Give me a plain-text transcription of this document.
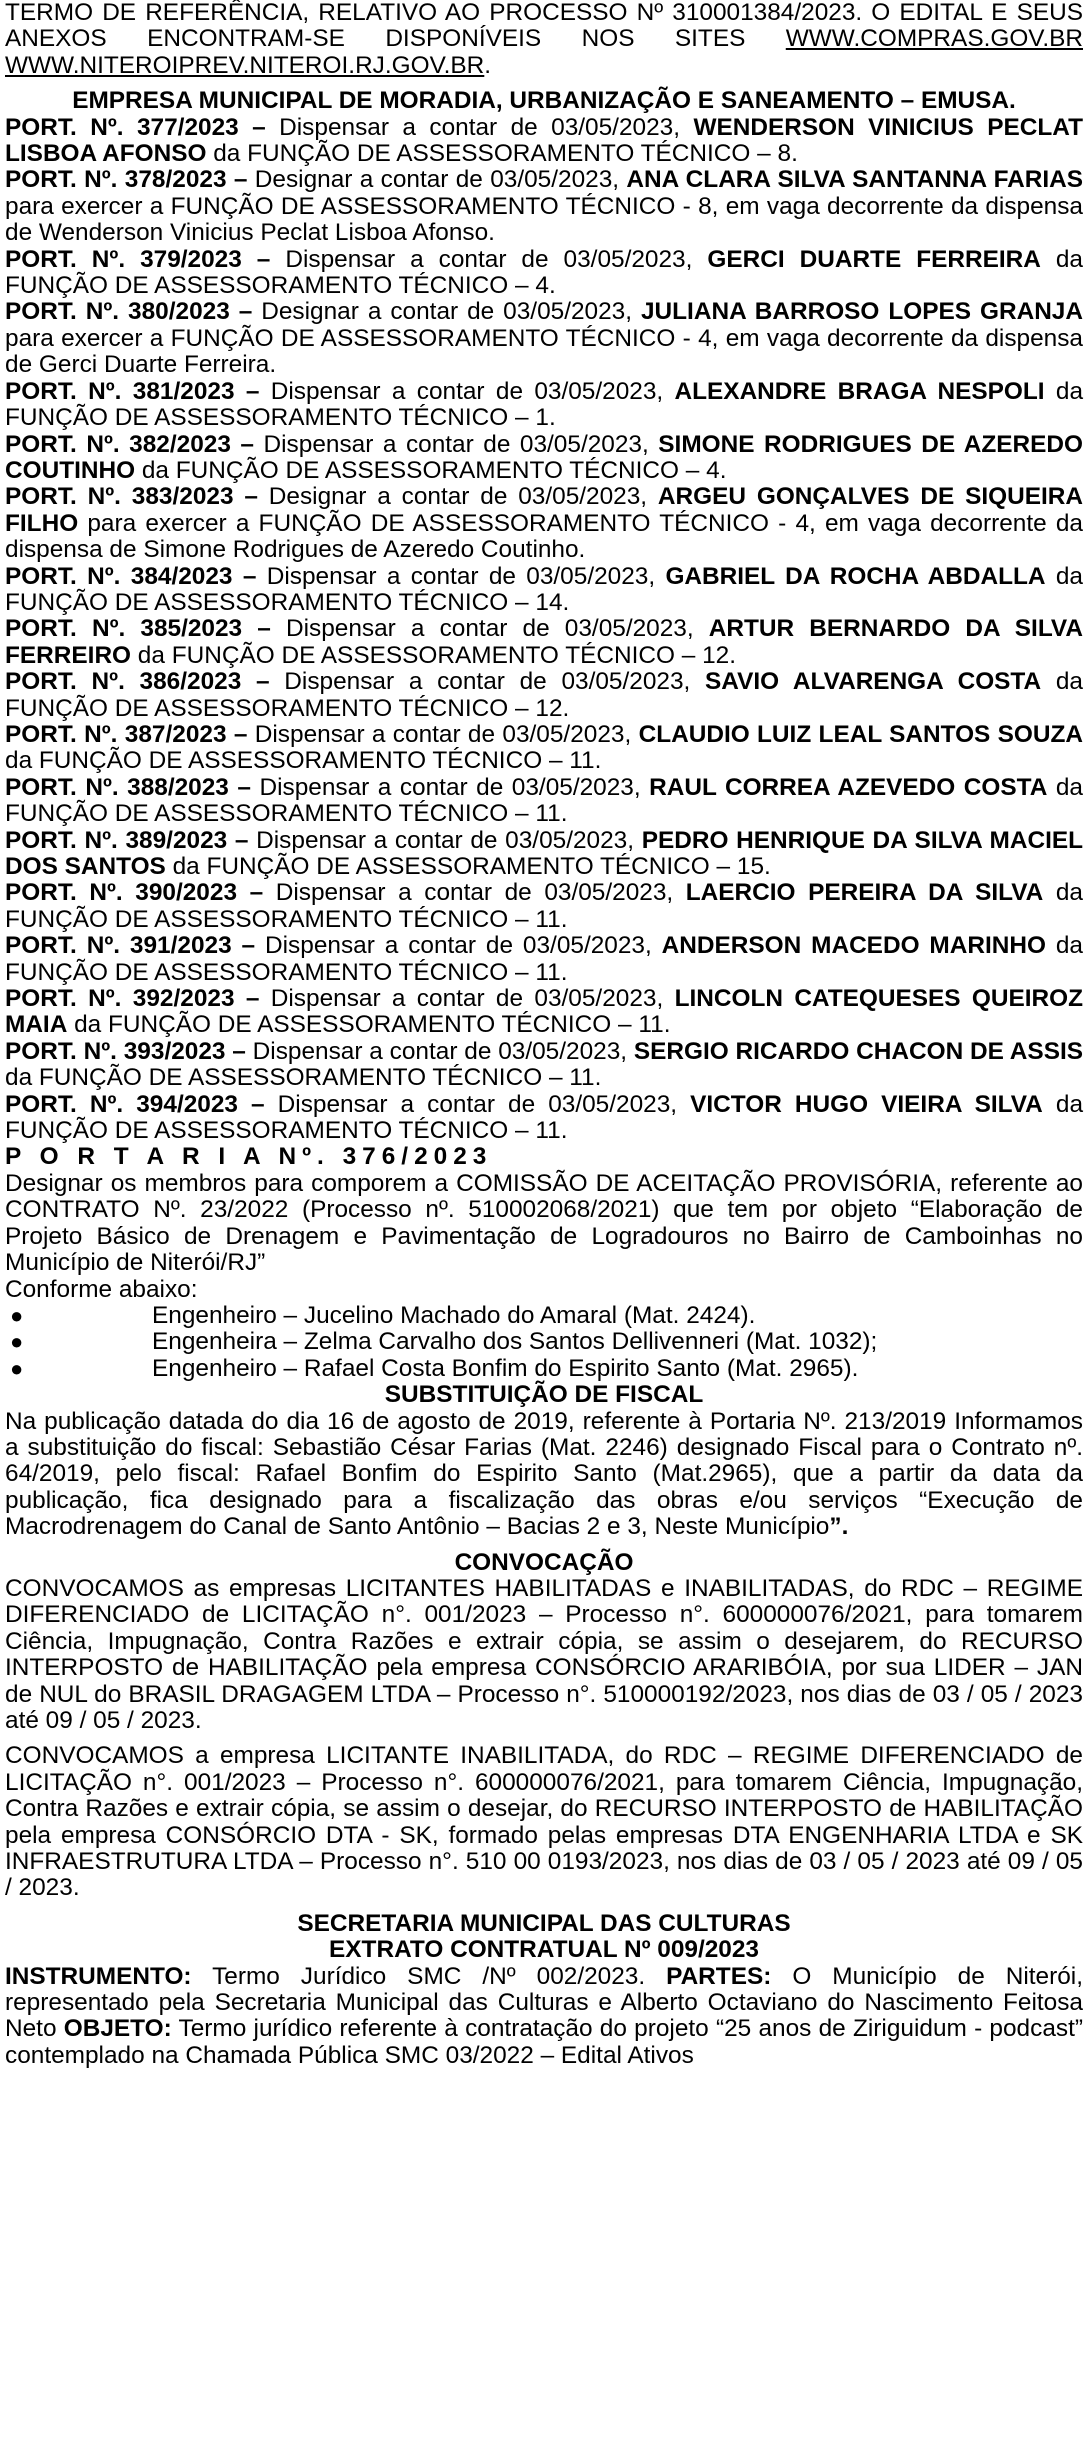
TERMO DE REFERÊNCIA, RELATIVO AO PROCESSO Nº 310001384/2023. O EDITAL E SEUS ANEXOS ENCONTRAM-SE DISPONÍVEIS NOS SITES WWW.COMPRAS.GOV.BR WWW.NITEROIPREV.NITEROI.RJ.GOV.BR.

EMPRESA MUNICIPAL DE MORADIA, URBANIZAÇÃO E SANEAMENTO – EMUSA.

PORT. Nº. 377/2023 – Dispensar a contar de 03/05/2023, WENDERSON VINICIUS PECLAT LISBOA AFONSO da FUNÇÃO DE ASSESSORAMENTO TÉCNICO – 8.

PORT. Nº. 378/2023 – Designar a contar de 03/05/2023, ANA CLARA SILVA SANTANNA FARIAS para exercer a FUNÇÃO DE ASSESSORAMENTO TÉCNICO - 8, em vaga decorrente da dispensa de Wenderson Vinicius Peclat Lisboa Afonso.

PORT. Nº. 379/2023 – Dispensar a contar de 03/05/2023, GERCI DUARTE FERREIRA da FUNÇÃO DE ASSESSORAMENTO TÉCNICO – 4.

PORT. Nº. 380/2023 – Designar a contar de 03/05/2023, JULIANA BARROSO LOPES GRANJA para exercer a FUNÇÃO DE ASSESSORAMENTO TÉCNICO - 4, em vaga decorrente da dispensa de Gerci Duarte Ferreira.

PORT. Nº. 381/2023 – Dispensar a contar de 03/05/2023, ALEXANDRE BRAGA NESPOLI da FUNÇÃO DE ASSESSORAMENTO TÉCNICO – 1.

PORT. Nº. 382/2023 – Dispensar a contar de 03/05/2023, SIMONE RODRIGUES DE AZEREDO COUTINHO da FUNÇÃO DE ASSESSORAMENTO TÉCNICO – 4.

PORT. Nº. 383/2023 – Designar a contar de 03/05/2023, ARGEU GONÇALVES DE SIQUEIRA FILHO para exercer a FUNÇÃO DE ASSESSORAMENTO TÉCNICO - 4, em vaga decorrente da dispensa de Simone Rodrigues de Azeredo Coutinho.

PORT. Nº. 384/2023 – Dispensar a contar de 03/05/2023, GABRIEL DA ROCHA ABDALLA da FUNÇÃO DE ASSESSORAMENTO TÉCNICO – 14.

PORT. Nº. 385/2023 – Dispensar a contar de 03/05/2023, ARTUR BERNARDO DA SILVA FERREIRO da FUNÇÃO DE ASSESSORAMENTO TÉCNICO – 12.

PORT. Nº. 386/2023 – Dispensar a contar de 03/05/2023, SAVIO ALVARENGA COSTA da FUNÇÃO DE ASSESSORAMENTO TÉCNICO – 12.

PORT. Nº. 387/2023 – Dispensar a contar de 03/05/2023, CLAUDIO LUIZ LEAL SANTOS SOUZA da FUNÇÃO DE ASSESSORAMENTO TÉCNICO – 11.

PORT. Nº. 388/2023 – Dispensar a contar de 03/05/2023, RAUL CORREA AZEVEDO COSTA da FUNÇÃO DE ASSESSORAMENTO TÉCNICO – 11.

PORT. Nº. 389/2023 – Dispensar a contar de 03/05/2023, PEDRO HENRIQUE DA SILVA MACIEL DOS SANTOS da FUNÇÃO DE ASSESSORAMENTO TÉCNICO – 15.

PORT. Nº. 390/2023 – Dispensar a contar de 03/05/2023, LAERCIO PEREIRA DA SILVA da FUNÇÃO DE ASSESSORAMENTO TÉCNICO – 11.

PORT. Nº. 391/2023 – Dispensar a contar de 03/05/2023, ANDERSON MACEDO MARINHO da FUNÇÃO DE ASSESSORAMENTO TÉCNICO – 11.

PORT. Nº. 392/2023 – Dispensar a contar de 03/05/2023, LINCOLN CATEQUESES QUEIROZ MAIA da FUNÇÃO DE ASSESSORAMENTO TÉCNICO – 11.

PORT. Nº. 393/2023 – Dispensar a contar de 03/05/2023, SERGIO RICARDO CHACON DE ASSIS da FUNÇÃO DE ASSESSORAMENTO TÉCNICO – 11.

PORT. Nº. 394/2023 – Dispensar a contar de 03/05/2023, VICTOR HUGO VIEIRA SILVA da FUNÇÃO DE ASSESSORAMENTO TÉCNICO – 11.

P O R T A R I A Nº. 376/2023

Designar os membros para comporem a COMISSÃO DE ACEITAÇÃO PROVISÓRIA, referente ao CONTRATO Nº. 23/2022 (Processo nº. 510002068/2021) que tem por objeto “Elaboração de Projeto Básico de Drenagem e Pavimentação de Logradouros no Bairro de Camboinhas no Município de Niterói/RJ”

Conforme abaixo:

●	Engenheiro – Jucelino Machado do Amaral (Mat. 2424).
●	Engenheira – Zelma Carvalho dos Santos Dellivenneri (Mat. 1032);
●	Engenheiro – Rafael Costa Bonfim do Espirito Santo (Mat. 2965).

SUBSTITUIÇÃO DE FISCAL

Na publicação datada do dia 16 de agosto de 2019, referente à Portaria Nº. 213/2019 Informamos a substituição do fiscal: Sebastião César Farias (Mat. 2246) designado Fiscal para o Contrato nº. 64/2019, pelo fiscal: Rafael Bonfim do Espirito Santo (Mat.2965), que a partir da data da publicação, fica designado para a fiscalização das obras e/ou serviços “Execução de Macrodrenagem do Canal de Santo Antônio – Bacias 2 e 3, Neste Município”.

CONVOCAÇÃO

CONVOCAMOS as empresas LICITANTES HABILITADAS e INABILITADAS, do RDC – REGIME DIFERENCIADO de LICITAÇÃO n°. 001/2023 – Processo n°. 600000076/2021, para tomarem Ciência, Impugnação, Contra Razões e extrair cópia, se assim o desejarem, do RECURSO INTERPOSTO de HABILITAÇÃO pela empresa CONSÓRCIO ARARIBÓIA, por sua LIDER – JAN de NUL do BRASIL DRAGAGEM LTDA – Processo n°. 510000192/2023, nos dias de 03 / 05 / 2023 até 09 / 05 / 2023.

CONVOCAMOS a empresa LICITANTE INABILITADA, do RDC – REGIME DIFERENCIADO de LICITAÇÃO n°. 001/2023 – Processo n°. 600000076/2021, para tomarem Ciência, Impugnação, Contra Razões e extrair cópia, se assim o desejar, do RECURSO INTERPOSTO de HABILITAÇÃO pela empresa CONSÓRCIO DTA - SK, formado pelas empresas DTA ENGENHARIA LTDA e SK INFRAESTRUTURA LTDA – Processo n°. 510 00 0193/2023, nos dias de 03 / 05 / 2023 até 09 / 05 / 2023.

SECRETARIA MUNICIPAL DAS CULTURAS

EXTRATO CONTRATUAL Nº 009/2023

INSTRUMENTO: Termo Jurídico SMC /Nº 002/2023. PARTES: O Município de Niterói, representado pela Secretaria Municipal das Culturas e Alberto Octaviano do Nascimento Feitosa Neto OBJETO: Termo jurídico referente à contratação do projeto “25 anos de Ziriguidum - podcast” contemplado na Chamada Pública SMC 03/2022 – Edital Ativos
